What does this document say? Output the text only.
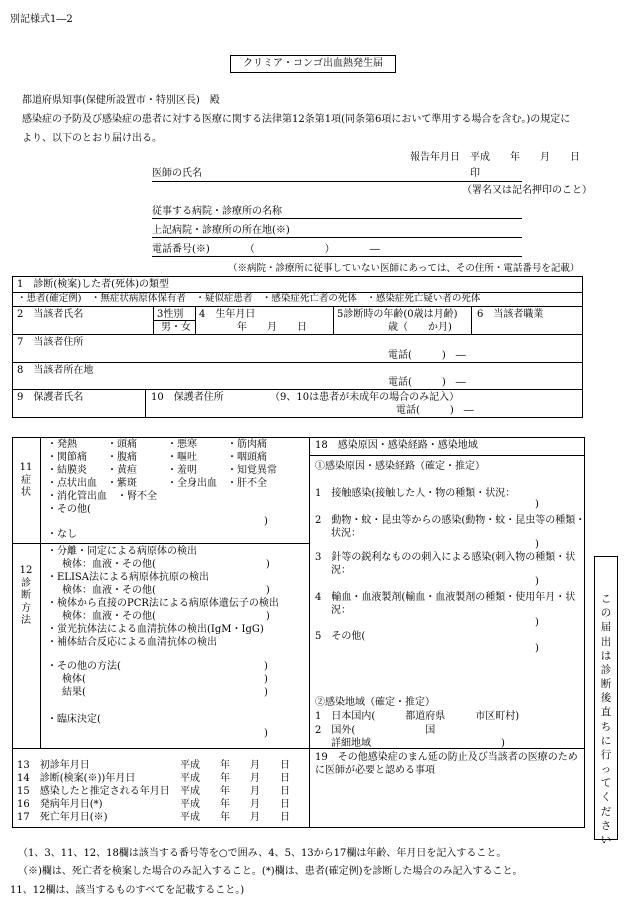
別記様式1―2
クリミア・コンゴ出血熱発生届
都道府県知事(保健所設置市・特別区長)　殿
感染症の予防及び感染症の患者に対する医療に関する法律第12条第1項(同条第6項において準用する場合を含む。)の規定に
より、以下のとおり届け出る。
報告年月日　平成　　年　　月　　日
医師の氏名	印
（署名又は記名押印のこと）
従事する病院・診療所の名称
上記病院・診療所の所在地(※)
電話番号(※)　　　　（　　　　　　　）　　　　―
（※病院・診療所に従事していない医師にあっては、その住所・電話番号を記載）
1　診断(検案)した者(死体)の類型
・患者(確定例)　・無症状病原体保有者　・疑似症患者　・感染症死亡者の死体　・感染症死亡疑い者の死体
2　当該者氏名	3性別
男・女
4　生年月日
年　　月　　日
5診断時の年齢(0歳は月齢)
歳（　　か月)
6　当該者職業
7　当該者住所
電話(　　　)　―
8　当該者所在地
電話(　　　)　―
9　保護者氏名	10　保護者住所	（9、10は患者が未成年の場合のみ記入）
電話(　　　)　―
11 症 状
・発熱　　　・頭痛　　　・悪寒　　　・筋肉痛
・関節痛　　・腹痛　　　・嘔吐　　　・咽頭痛
・結膜炎　　・黄疸　　　・羞明　　　・知覚異常
・点状出血　・紫斑　　　・全身出血　・肝不全
・消化管出血　・腎不全
・その他(
)
・なし
12 診 断 方 法
・分離・同定による病原体の検出
検体：血液・その他(　　　　　　　　　　　)
・ELISA法による病原体抗原の検出
検体：血液・その他(　　　　　　　　　　　)
・検体から直接のPCR法による病原体遺伝子の検出
検体：血液・その他(　　　　　　　　　　　)
・蛍光抗体法による血清抗体の検出(IgM・IgG)
・補体結合反応による血清抗体の検出
・その他の方法(	)
検体(	)
結果(	)
・臨床決定(
)
18　感染原因・感染経路・感染地域
①感染原因・感染経路（確定・推定）
1　接触感染(接触した人・物の種類・状況：
)
2　動物・蚊・昆虫等からの感染(動物・蚊・昆虫等の種類・
状況：
)
3　針等の鋭利なものの刺入による感染(刺入物の種類・状
況：
)
4　輸血・血液製剤(輸血・血液製剤の種類・使用年月・状
況：
)
5　その他(
)
②感染地域（確定・推定）
1　日本国内(　　　都道府県　　　市区町村)
2　国外(　　　　　　　国
詳細地域　　　　　　　　　　　　　)
13　初診年月日	平成　　年　　月　　日
14　診断(検案(※))年月日	平成　　年　　月　　日
15　感染したと推定される年月日 平成　　年　　月　　日
16　発病年月日(*)	平成　　年　　月　　日
17　死亡年月日(※)	平成　　年　　月　　日
19　その他感染症のまん延の防止及び当該者の医療のため
に医師が必要と認める事項
この届出は診断後直ちに行ってください
（1、3、11、12、18欄は該当する番号等を○で囲み、4、5、13から17欄は年齢、年月日を記入すること。
（※)欄は、死亡者を検案した場合のみ記入すること。(*)欄は、患者(確定例)を診断した場合のみ記入すること。
11、12欄は、該当するものすべてを記載すること。)
